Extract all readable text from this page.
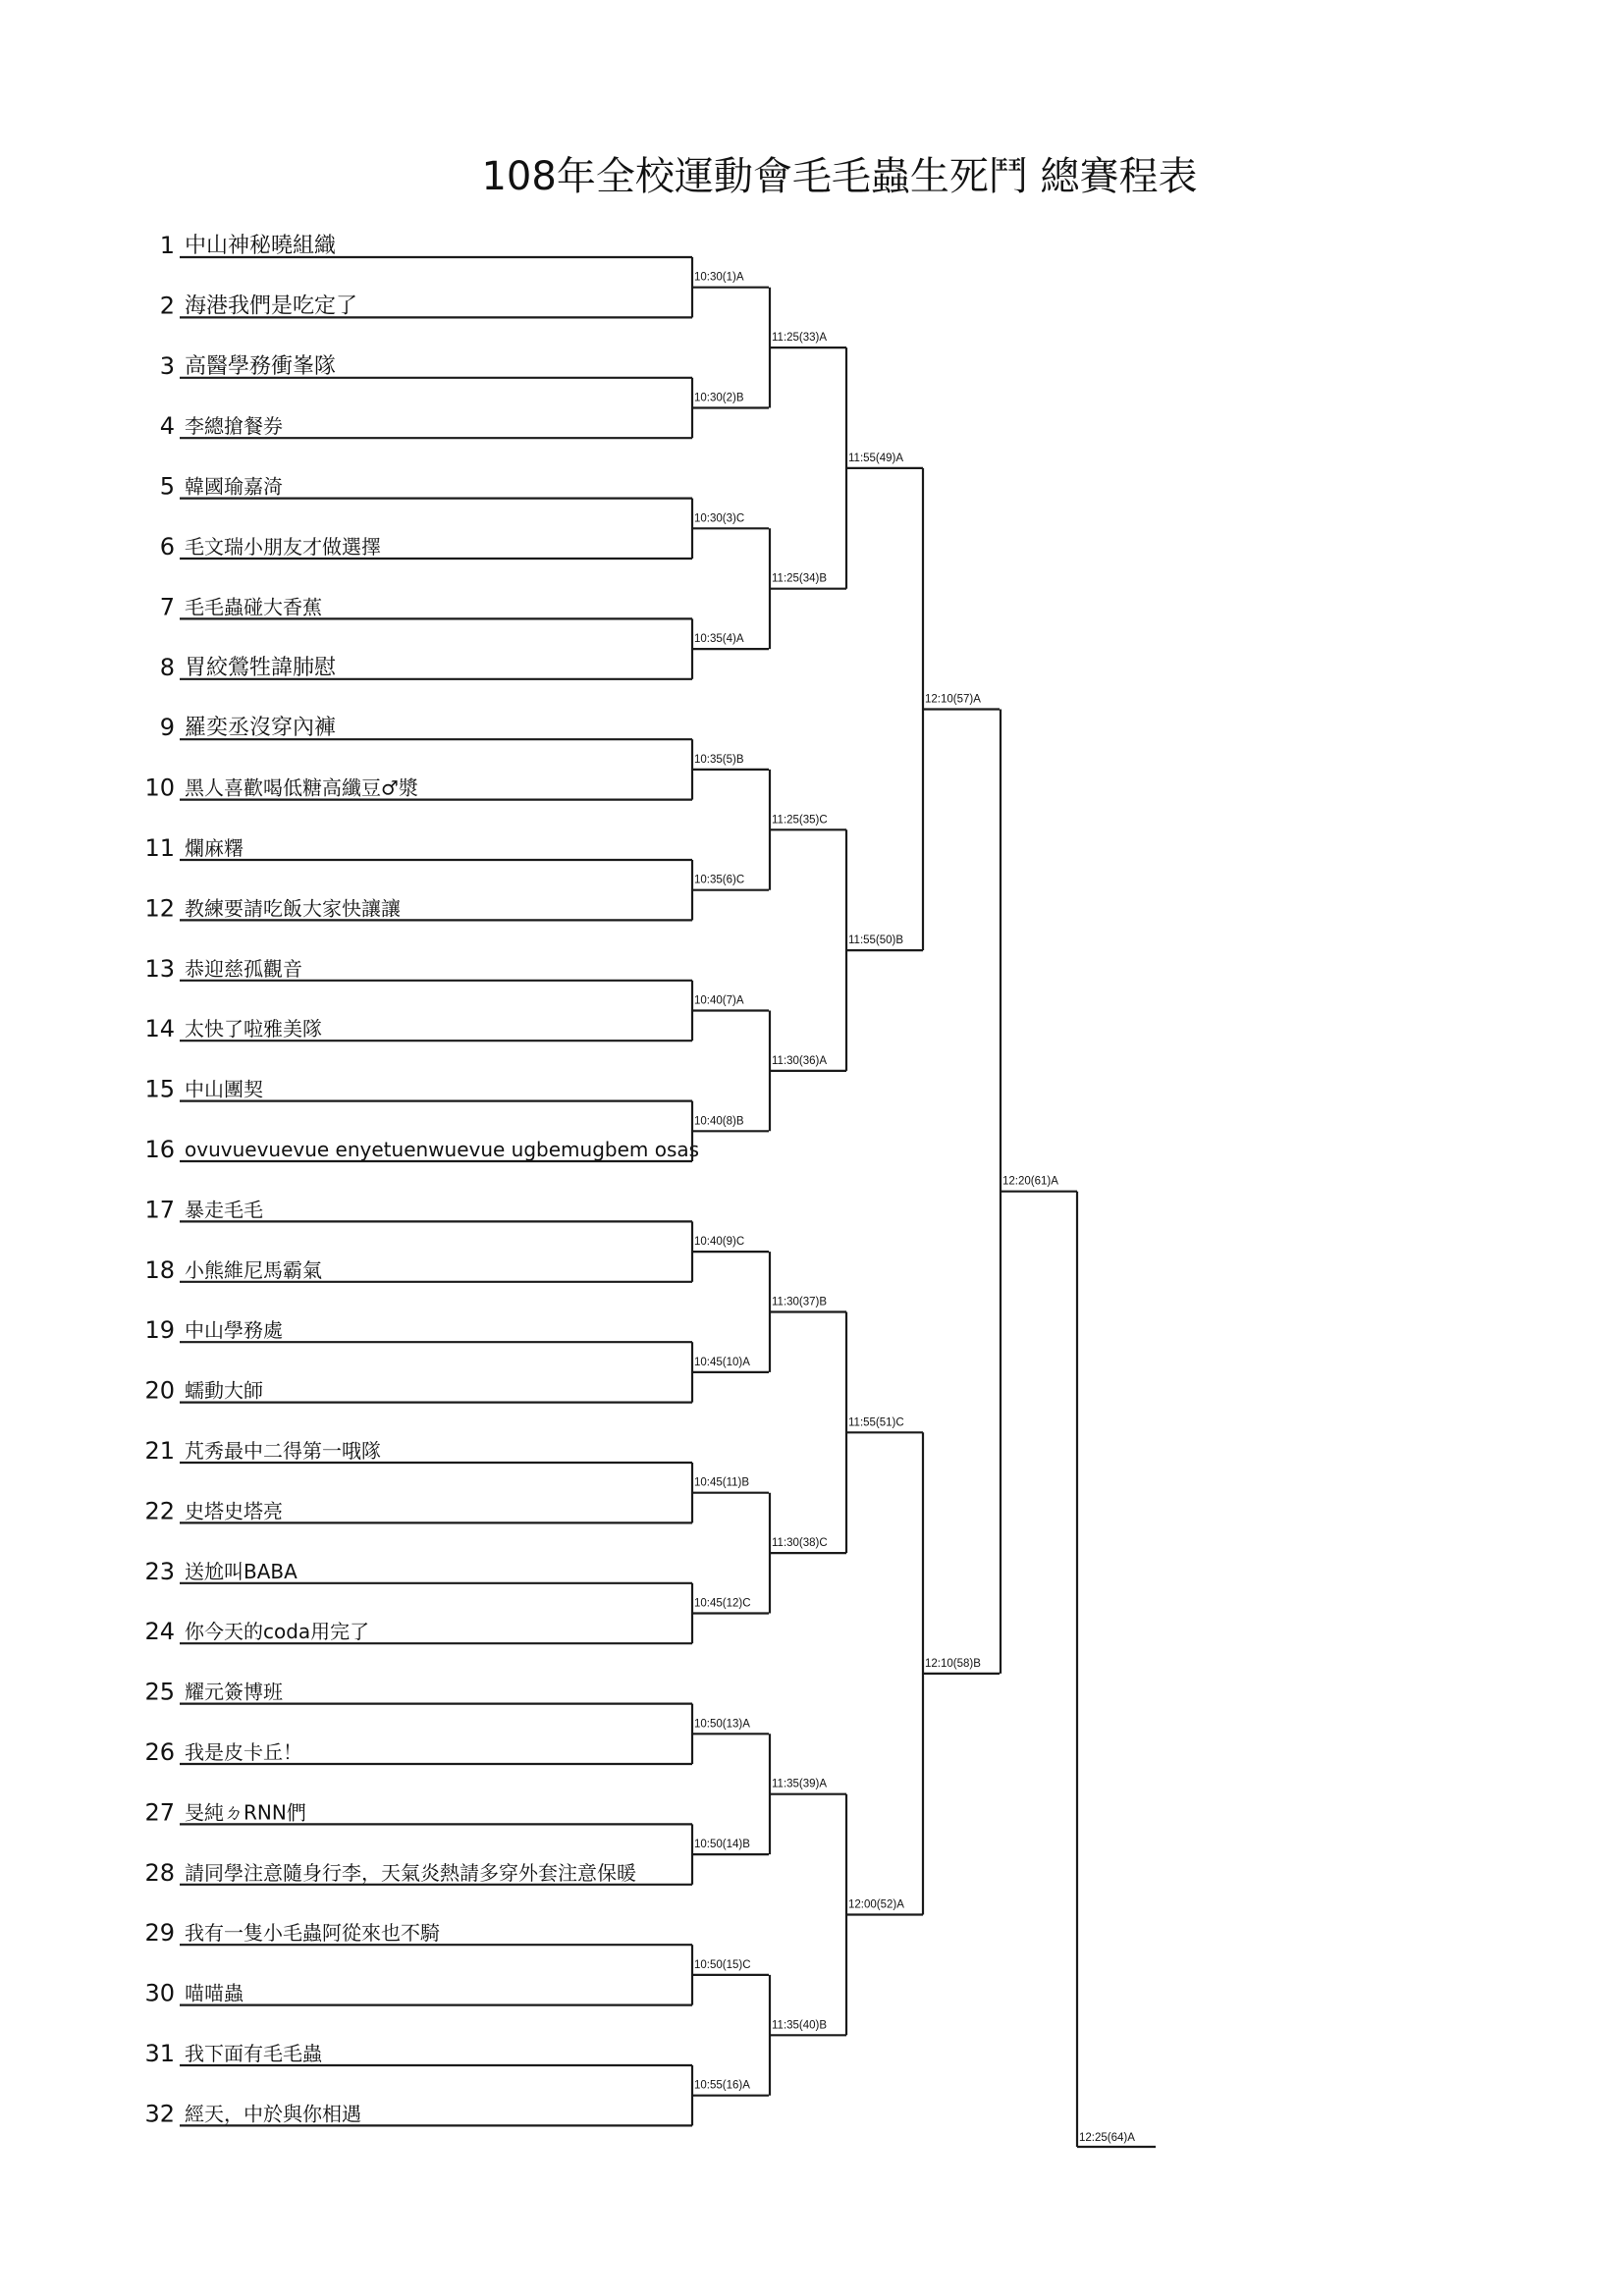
108年全校運動會毛毛蟲生死鬥 總賽程表
1 中山神秘曉組織
2 海港我們是吃定了
3 高醫學務衝峯隊
4 李總搶餐券
5 韓國瑜嘉渏
6 毛文瑞小朋友才做選擇
7 毛毛蟲碰大香蕉
8 胃絞鶯牲諱肺慰
9 羅奕丞沒穿內褲
10 黑人喜歡喝低糖高纖豆♂漿
11 爛麻糬
12 教練要請吃飯大家快讓讓
13 恭迎慈孤觀音
14 太快了啦雅美隊
15 中山團契
16 ovuvuevuevue enyetuenwuevue ugbemugbem osas
17 暴走毛毛
18 小熊維尼馬霸氣
19 中山學務處
20 蠕動大師
21 芃秀最中二得第一哦隊
22 史塔史塔亮
23 送尬叫BABA
24 你今天的coda用完了
25 耀元簽博班
26 我是皮卡丘！
27 旻純ㄉRNN們
28 請同學注意隨身行李，天氣炎熱請多穿外套注意保暖
29 我有一隻小毛蟲阿從來也不騎
30 喵喵蟲
31 我下面有毛毛蟲
32 經天，中於與你相遇
10:30(1)A
10:30(2)B
10:30(3)C
10:35(4)A
10:35(5)B
10:35(6)C
10:40(7)A
10:40(8)B
10:40(9)C
10:45(10)A
10:45(11)B
10:45(12)C
10:50(13)A
10:50(14)B
10:50(15)C
10:55(16)A
11:25(33)A
11:25(34)B
11:25(35)C
11:30(36)A
11:30(37)B
11:30(38)C
11:35(39)A
11:35(40)B
11:55(49)A
11:55(50)B
11:55(51)C
12:00(52)A
12:10(57)A
12:10(58)B
12:20(61)A
12:25(64)A
